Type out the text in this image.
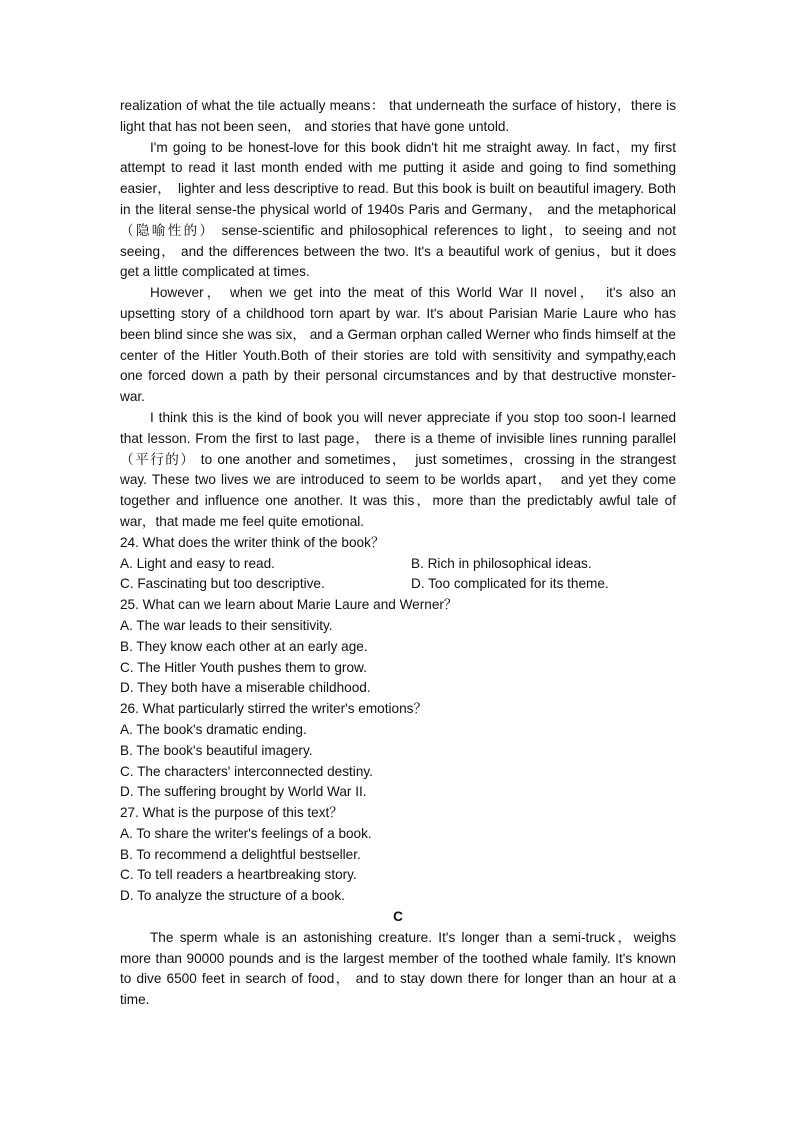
realization of what the tile actually means： that underneath the surface of history，there is light that has not been seen， and stories that have gone untold.

I'm going to be honest-love for this book didn't hit me straight away. In fact，my first attempt to read it last month ended with me putting it aside and going to find something easier，　lighter and less descriptive to read. But this book is built on beautiful imagery. Both in the literal sense-the physical world of 1940s Paris and Germany， and the metaphorical（隐喻性的） sense-scientific and philosophical references to light，to seeing and not seeing， and the differences between the two. It's a beautiful work of genius，but it does get a little complicated at times.

However， when we get into the meat of this World War II novel，　it's also an upsetting story of a childhood torn apart by war. It's about Parisian Marie Laure who has been blind since she was six， and a German orphan called Werner who finds himself at the center of the Hitler Youth.Both of their stories are told with sensitivity and sympathy,each one forced down a path by their personal circumstances and by that destructive monster-war.

I think this is the kind of book you will never appreciate if you stop too soon-I learned that lesson. From the first to last page， there is a theme of invisible lines running parallel（平行的） to one another and sometimes，　just sometimes，crossing in the strangest way. These two lives we are introduced to seem to be worlds apart，　and yet they come together and influence one another. It was this，more than the predictably awful tale of war，that made me feel quite emotional.

24. What does the writer think of the book？

A. Light and easy to read.	B. Rich in philosophical ideas.
C. Fascinating but too descriptive.	D. Too complicated for its theme.

25. What can we learn about Marie Laure and Werner？

A. The war leads to their sensitivity.

B. They know each other at an early age.

C. The Hitler Youth pushes them to grow.

D. They both have a miserable childhood.

26. What particularly stirred the writer's emotions？

A. The book's dramatic ending.

B. The book's beautiful imagery.

C. The characters' interconnected destiny.

D. The suffering brought by World War II.

27. What is the purpose of this text？

A. To share the writer's feelings of a book.

B. To recommend a delightful bestseller.

C. To tell readers a heartbreaking story.

D. To analyze the structure of a book.

C

The sperm whale is an astonishing creature. It's longer than a semi-truck，weighs more than 90000 pounds and is the largest member of the toothed whale family. It's known to dive 6500 feet in search of food， and to stay down there for longer than an hour at a time.
